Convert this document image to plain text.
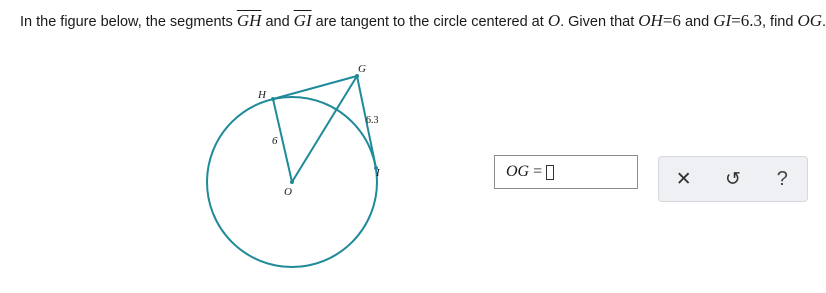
In the figure below, the segments $\overline{GH}$ and $\overline{GI}$ are tangent to the circle centered at O. Given that OH=6 and GI=6.3, find OG.
G
H
I
O
6
6.3
OG =	✕ ↺ ?
